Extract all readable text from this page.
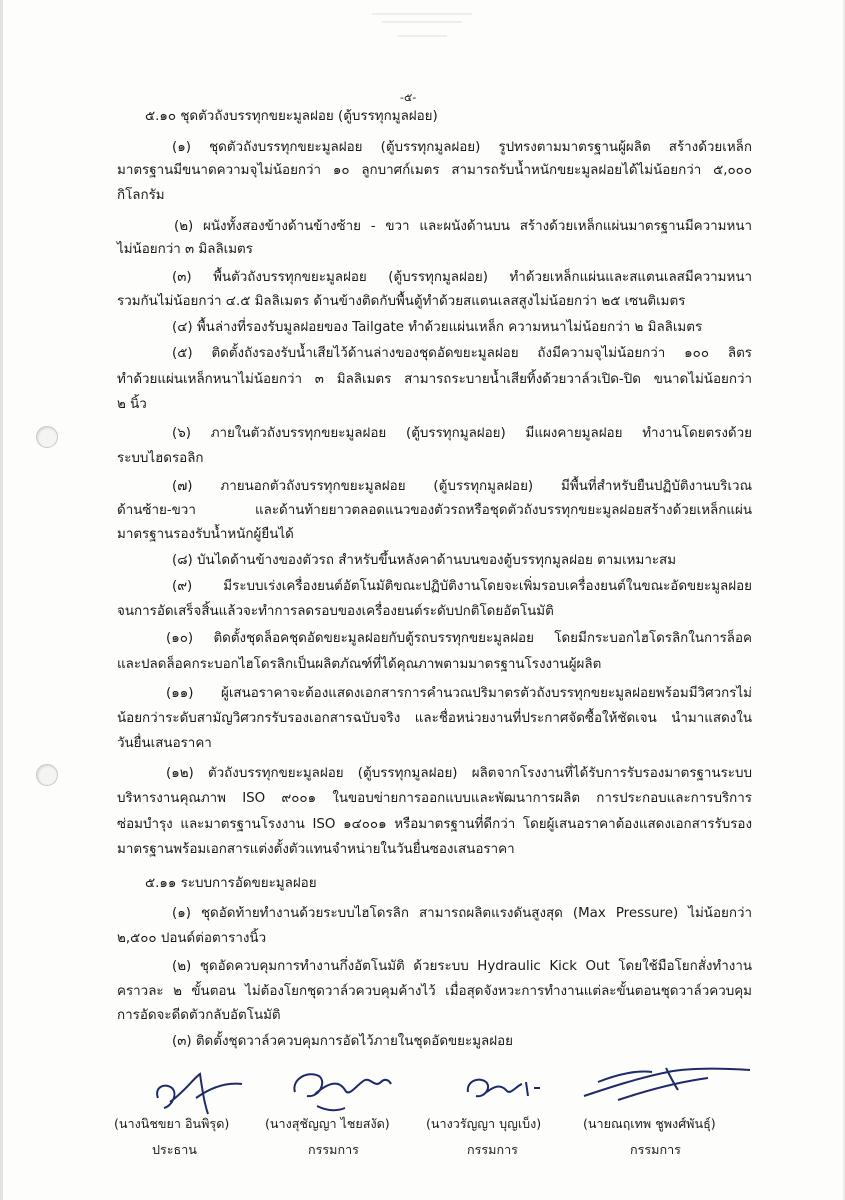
-๕-
๕.๑๐ ชุดตัวถังบรรทุกขยะมูลฝอย (ตู้บรรทุกมูลฝอย)
(๑) ชุดตัวถังบรรทุกขยะมูลฝอย (ตู้บรรทุกมูลฝอย) รูปทรงตามมาตรฐานผู้ผลิต สร้างด้วยเหล็ก
มาตรฐานมีขนาดความจุไม่น้อยกว่า ๑๐ ลูกบาศก์เมตร สามารถรับน้ำหนักขยะมูลฝอยได้ไม่น้อยกว่า ๕,๐๐๐
กิโลกรัม
(๒) ผนังทั้งสองข้างด้านข้างซ้าย - ขวา และผนังด้านบน สร้างด้วยเหล็กแผ่นมาตรฐานมีความหนา
ไม่น้อยกว่า ๓ มิลลิเมตร
(๓) พื้นตัวถังบรรทุกขยะมูลฝอย (ตู้บรรทุกมูลฝอย) ทำด้วยเหล็กแผ่นและสแตนเลสมีความหนา
รวมกันไม่น้อยกว่า ๔.๕ มิลลิเมตร ด้านข้างติดกับพื้นตู้ทำด้วยสแตนเลสสูงไม่น้อยกว่า ๒๕ เซนติเมตร
(๔) พื้นล่างที่รองรับมูลฝอยของ Tailgate ทำด้วยแผ่นเหล็ก ความหนาไม่น้อยกว่า ๒ มิลลิเมตร
(๕) ติดตั้งถังรองรับน้ำเสียไว้ด้านล่างของชุดอัดขยะมูลฝอย ถังมีความจุไม่น้อยกว่า ๑๐๐ ลิตร
ทำด้วยแผ่นเหล็กหนาไม่น้อยกว่า ๓ มิลลิเมตร สามารถระบายน้ำเสียทิ้งด้วยวาล์วเปิด-ปิด ขนาดไม่น้อยกว่า
๒ นิ้ว
(๖) ภายในตัวถังบรรทุกขยะมูลฝอย (ตู้บรรทุกมูลฝอย) มีแผงคายมูลฝอย ทำงานโดยตรงด้วย
ระบบไฮดรอลิก
(๗) ภายนอกตัวถังบรรทุกขยะมูลฝอย (ตู้บรรทุกมูลฝอย) มีพื้นที่สำหรับยืนปฏิบัติงานบริเวณ
ด้านซ้าย-ขวา และด้านท้ายยาวตลอดแนวของตัวรถหรือชุดตัวถังบรรทุกขยะมูลฝอยสร้างด้วยเหล็กแผ่น
มาตรฐานรองรับน้ำหนักผู้ยืนได้
(๘) บันไดด้านข้างของตัวรถ สำหรับขึ้นหลังคาด้านบนของตู้บรรทุกมูลฝอย ตามเหมาะสม
(๙) มีระบบเร่งเครื่องยนต์อัตโนมัติขณะปฏิบัติงานโดยจะเพิ่มรอบเครื่องยนต์ในขณะอัดขยะมูลฝอย
จนการอัดเสร็จสิ้นแล้วจะทำการลดรอบของเครื่องยนต์ระดับปกติโดยอัตโนมัติ
(๑๐) ติดตั้งชุดล็อคชุดอัดขยะมูลฝอยกับตู้รถบรรทุกขยะมูลฝอย โดยมีกระบอกไฮโดรลิกในการล็อค
และปลดล็อคกระบอกไฮโดรลิกเป็นผลิตภัณฑ์ที่ได้คุณภาพตามมาตรฐานโรงงานผู้ผลิต
(๑๑) ผู้เสนอราคาจะต้องแสดงเอกสารการคำนวณปริมาตรตัวถังบรรทุกขยะมูลฝอยพร้อมมีวิศวกรไม่
น้อยกว่าระดับสามัญวิศวกรรับรองเอกสารฉบับจริง และชื่อหน่วยงานที่ประกาศจัดซื้อให้ชัดเจน นำมาแสดงใน
วันยื่นเสนอราคา
(๑๒) ตัวถังบรรทุกขยะมูลฝอย (ตู้บรรทุกมูลฝอย) ผลิตจากโรงงานที่ได้รับการรับรองมาตรฐานระบบ
บริหารงานคุณภาพ ISO ๙๐๐๑ ในขอบข่ายการออกแบบและพัฒนาการผลิต การประกอบและการบริการ
ซ่อมบำรุง และมาตรฐานโรงงาน ISO ๑๔๐๐๑ หรือมาตรฐานที่ดีกว่า โดยผู้เสนอราคาต้องแสดงเอกสารรับรอง
มาตรฐานพร้อมเอกสารแต่งตั้งตัวแทนจำหน่ายในวันยื่นซองเสนอราคา
๕.๑๑ ระบบการอัดขยะมูลฝอย
(๑) ชุดอัดท้ายทำงานด้วยระบบไฮโดรลิก สามารถผลิตแรงดันสูงสุด (Max Pressure) ไม่น้อยกว่า
๒,๕๐๐ ปอนด์ต่อตารางนิ้ว
(๒) ชุดอัดควบคุมการทำงานกึ่งอัตโนมัติ ด้วยระบบ Hydraulic Kick Out โดยใช้มือโยกสั่งทำงาน
คราวละ ๒ ขั้นตอน ไม่ต้องโยกชุดวาล์วควบคุมค้างไว้ เมื่อสุดจังหวะการทำงานแต่ละขั้นตอนชุดวาล์วควบคุม
การอัดจะดีดตัวกลับอัตโนมัติ
(๓) ติดตั้งชุดวาล์วควบคุมการอัดไว้ภายในชุดอัดขยะมูลฝอย
(นางนิชขยา อินพิรุด)
ประธาน
(นางสุชัญญา ไชยสงัด)
กรรมการ
(นางวรัญญา บุญเบ็ง)
กรรมการ
(นายณฤเทพ ชูพงศ์พันธุ์)
กรรมการ
